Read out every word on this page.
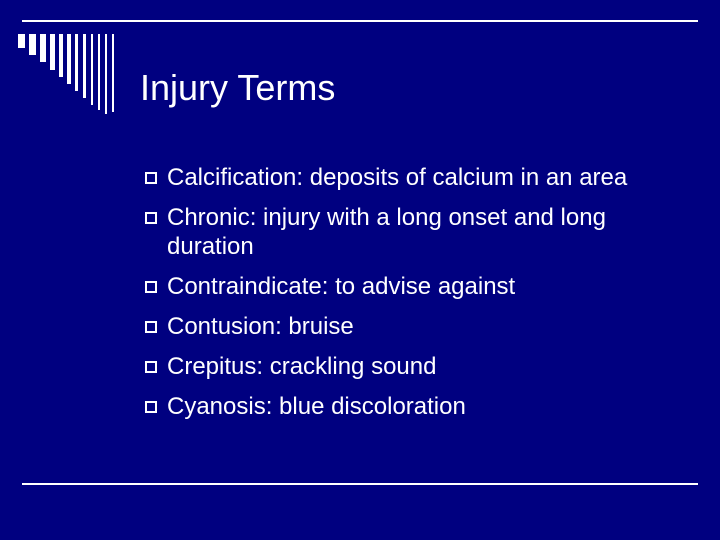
Injury Terms
Calcification: deposits of calcium in an area
Chronic: injury with a long onset and long duration
Contraindicate: to advise against
Contusion: bruise
Crepitus: crackling sound
Cyanosis: blue discoloration
